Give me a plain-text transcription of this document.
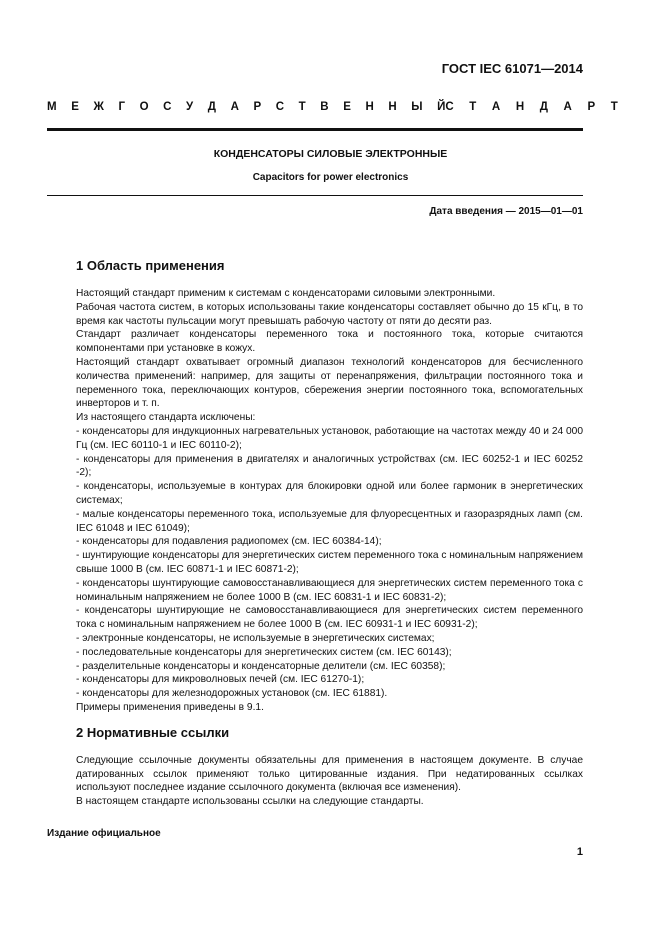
ГОСТ IEC 61071—2014
М Е Ж Г О С У Д А Р С Т В Е Н Н Ы Й С Т А Н Д А Р Т
КОНДЕНСАТОРЫ СИЛОВЫЕ ЭЛЕКТРОННЫЕ
Capacitors for power electronics
Дата введения — 2015—01—01
1 Область применения

Настоящий стандарт применим к системам с конденсаторами силовыми электронными.

Рабочая частота систем, в которых использованы такие конденсаторы составляет обычно до 15 кГц, в то время как частоты пульсации могут превышать рабочую частоту от пяти до десяти раз.

Стандарт различает конденсаторы переменного тока и постоянного тока, которые считаются компонентами при установке в кожух.

Настоящий стандарт охватывает огромный диапазон технологий конденсаторов для бесчисленного количества применений: например, для защиты от перенапряжения, фильтрации постоянного тока и переменного тока, переключающих контуров, сбережения энергии постоянного тока, вспомогательных инверторов и т. п.

Из настоящего стандарта исключены:

- конденсаторы для индукционных нагревательных установок, работающие на частотах между 40 и 24 000 Гц (см. IEC 60110-1 и IEC 60110-2);

- конденсаторы для применения в двигателях и аналогичных устройствах (см. IEC 60252-1 и IEC 60252 -2);

- конденсаторы, используемые в контурах для блокировки одной или более гармоник в энергетических системах;

- малые конденсаторы переменного тока, используемые для флуоресцентных и газоразрядных ламп (см. IEC 61048 и IEC 61049);

- конденсаторы для подавления радиопомех (см. IEC 60384-14);

- шунтирующие конденсаторы для энергетических систем переменного тока с номинальным напряжением свыше 1000 В (см. IEC 60871-1 и IEC 60871-2);

- конденсаторы шунтирующие самовосстанавливающиеся для энергетических систем переменного тока с номинальным напряжением не более 1000 В (см. IEC 60831-1 и IEC 60831-2);

- конденсаторы шунтирующие не самовосстанавливающиеся для энергетических систем переменного тока с номинальным напряжением не более 1000 В (см. IEC 60931-1 и IEC 60931-2);

- электронные конденсаторы, не используемые в энергетических системах;

- последовательные конденсаторы для энергетических систем (см. IEC 60143);

- разделительные конденсаторы и конденсаторные делители (см. IEC 60358);

- конденсаторы для микроволновых печей (см. IEC 61270-1);

- конденсаторы для железнодорожных установок (см. IEC 61881).

Примеры применения приведены в 9.1.

2 Нормативные ссылки

Следующие ссылочные документы обязательны для применения в настоящем документе. В случае датированных ссылок применяют только цитированные издания. При недатированных ссылках используют последнее издание ссылочного документа (включая все изменения).

В настоящем стандарте использованы ссылки на следующие стандарты.

Издание официальное
1
